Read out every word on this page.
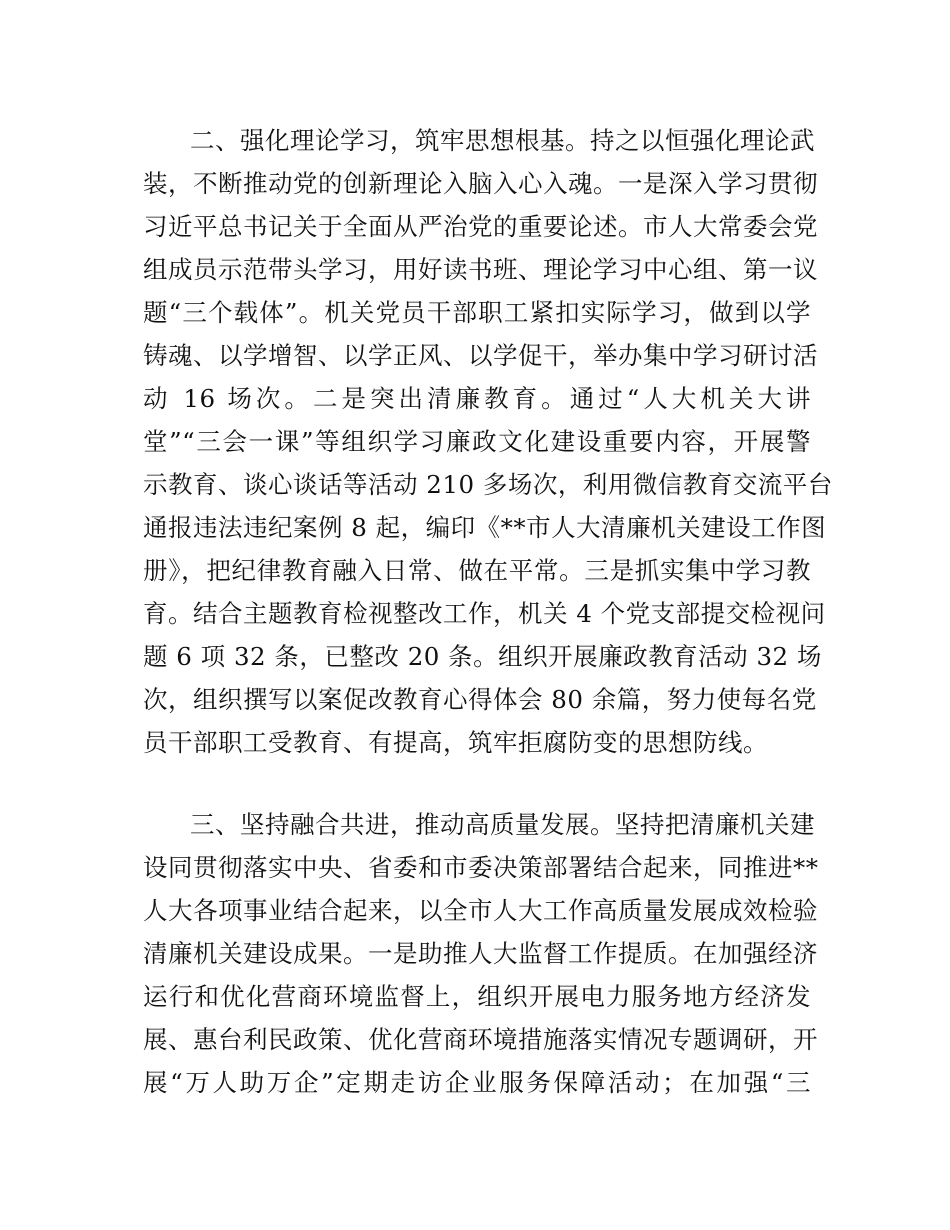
二、强化理论学习，筑牢思想根基。持之以恒强化理论武
装，不断推动党的创新理论入脑入心入魂。一是深入学习贯彻
习近平总书记关于全面从严治党的重要论述。市人大常委会党
组成员示范带头学习，用好读书班、理论学习中心组、第一议
题“三个载体”。机关党员干部职工紧扣实际学习，做到以学
铸魂、以学增智、以学正风、以学促干，举办集中学习研讨活
动 16 场次。二是突出清廉教育。通过“人大机关大讲
堂”“三会一课”等组织学习廉政文化建设重要内容，开展警
示教育、谈心谈话等活动 210 多场次，利用微信教育交流平台
通报违法违纪案例 8 起，编印《**市人大清廉机关建设工作图
册》，把纪律教育融入日常、做在平常。三是抓实集中学习教
育。结合主题教育检视整改工作，机关 4 个党支部提交检视问
题 6 项 32 条，已整改 20 条。组织开展廉政教育活动 32 场
次，组织撰写以案促改教育心得体会 80 余篇，努力使每名党
员干部职工受教育、有提高，筑牢拒腐防变的思想防线。
三、坚持融合共进，推动高质量发展。坚持把清廉机关建
设同贯彻落实中央、省委和市委决策部署结合起来，同推进**
人大各项事业结合起来，以全市人大工作高质量发展成效检验
清廉机关建设成果。一是助推人大监督工作提质。在加强经济
运行和优化营商环境监督上，组织开展电力服务地方经济发
展、惠台利民政策、优化营商环境措施落实情况专题调研，开
展“万人助万企”定期走访企业服务保障活动；在加强“三
